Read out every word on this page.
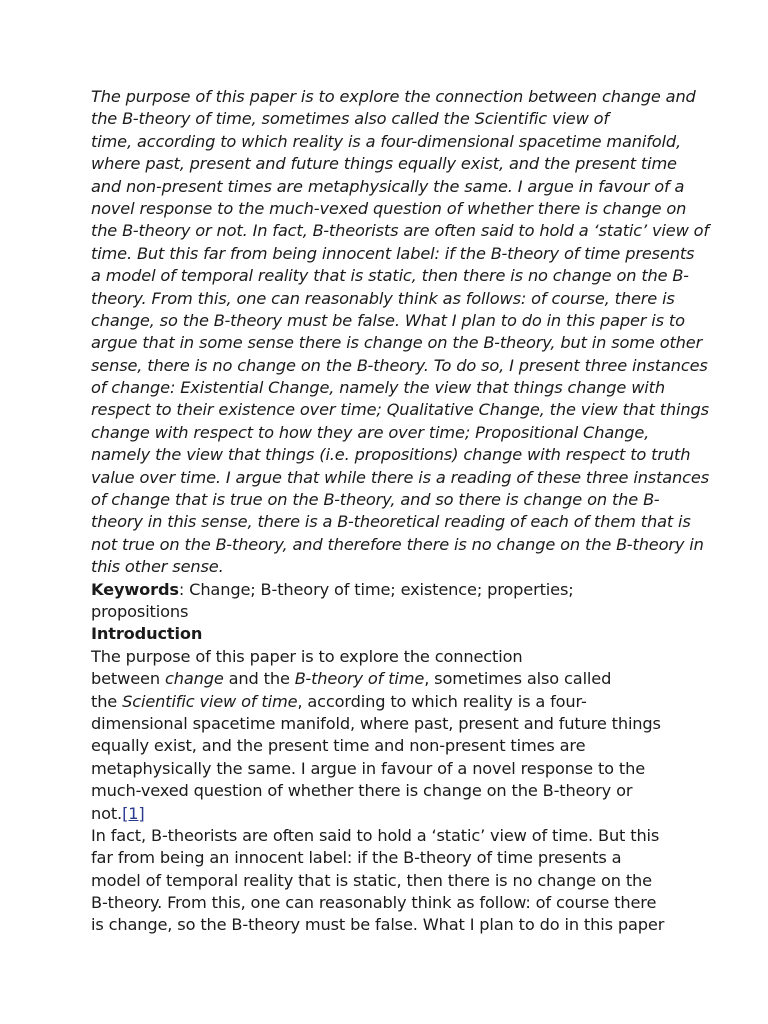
The purpose of this paper is to explore the connection between change and
the B-theory of time, sometimes also called the Scientific view of
time, according to which reality is a four-dimensional spacetime manifold,
where past, present and future things equally exist, and the present time
and non-present times are metaphysically the same. I argue in favour of a
novel response to the much-vexed question of whether there is change on
the B-theory or not. In fact, B-theorists are often said to hold a ‘static’ view of
time. But this far from being innocent label: if the B-theory of time presents
a model of temporal reality that is static, then there is no change on the B-
theory. From this, one can reasonably think as follows: of course, there is
change, so the B-theory must be false. What I plan to do in this paper is to
argue that in some sense there is change on the B-theory, but in some other
sense, there is no change on the B-theory. To do so, I present three instances
of change: Existential Change, namely the view that things change with
respect to their existence over time; Qualitative Change, the view that things
change with respect to how they are over time; Propositional Change,
namely the view that things (i.e. propositions) change with respect to truth
value over time. I argue that while there is a reading of these three instances
of change that is true on the B-theory, and so there is change on the B-
theory in this sense, there is a B-theoretical reading of each of them that is
not true on the B-theory, and therefore there is no change on the B-theory in
this other sense.
Keywords: Change; B-theory of time; existence; properties;
propositions
Introduction
The purpose of this paper is to explore the connection
between change and the B-theory of time, sometimes also called
the Scientific view of time, according to which reality is a four-
dimensional spacetime manifold, where past, present and future things
equally exist, and the present time and non-present times are
metaphysically the same. I argue in favour of a novel response to the
much-vexed question of whether there is change on the B-theory or
not.[1]
In fact, B-theorists are often said to hold a ‘static’ view of time. But this
far from being an innocent label: if the B-theory of time presents a
model of temporal reality that is static, then there is no change on the
B-theory. From this, one can reasonably think as follow: of course there
is change, so the B-theory must be false. What I plan to do in this paper
